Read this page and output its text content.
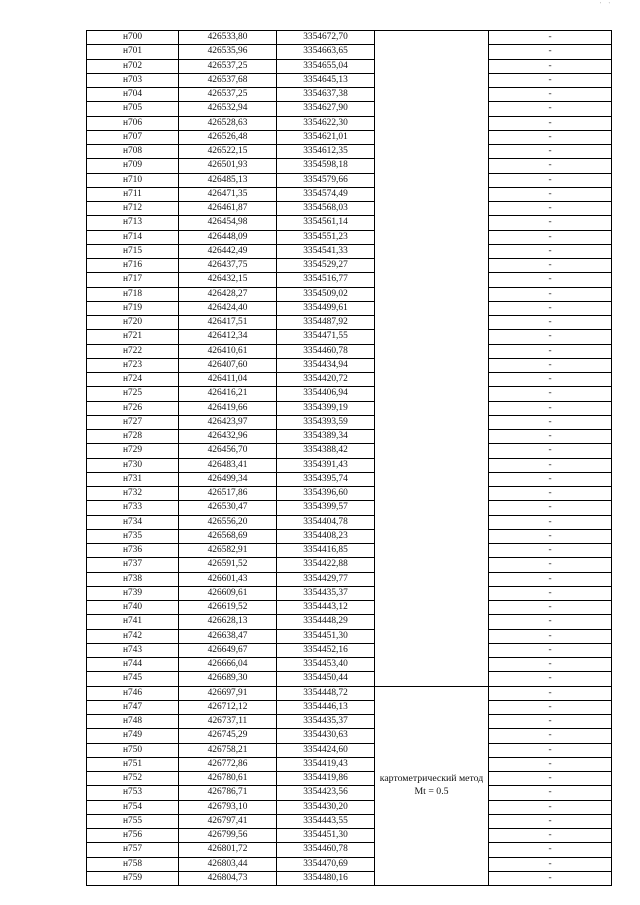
' '
н700	426533,80	3354672,70		-
н701	426535,96	3354663,65		-
н702	426537,25	3354655,04		-
н703	426537,68	3354645,13		-
н704	426537,25	3354637,38		-
н705	426532,94	3354627,90		-
н706	426528,63	3354622,30		-
н707	426526,48	3354621,01		-
н708	426522,15	3354612,35		-
н709	426501,93	3354598,18		-
н710	426485,13	3354579,66		-
н711	426471,35	3354574,49		-
н712	426461,87	3354568,03		-
н713	426454,98	3354561,14		-
н714	426448,09	3354551,23		-
н715	426442,49	3354541,33		-
н716	426437,75	3354529,27		-
н717	426432,15	3354516,77		-
н718	426428,27	3354509,02		-
н719	426424,40	3354499,61		-
н720	426417,51	3354487,92		-
н721	426412,34	3354471,55		-
н722	426410,61	3354460,78		-
н723	426407,60	3354434,94		-
н724	426411,04	3354420,72		-
н725	426416,21	3354406,94		-
н726	426419,66	3354399,19		-
н727	426423,97	3354393,59		-
н728	426432,96	3354389,34		-
н729	426456,70	3354388,42		-
н730	426483,41	3354391,43		-
н731	426499,34	3354395,74		-
н732	426517,86	3354396,60		-
н733	426530,47	3354399,57		-
н734	426556,20	3354404,78		-
н735	426568,69	3354408,23		-
н736	426582,91	3354416,85		-
н737	426591,52	3354422,88		-
н738	426601,43	3354429,77		-
н739	426609,61	3354435,37		-
н740	426619,52	3354443,12		-
н741	426628,13	3354448,29		-
н742	426638,47	3354451,30		-
н743	426649,67	3354452,16		-
н744	426666,04	3354453,40		-
н745	426689,30	3354450,44		-
н746	426697,91	3354448,72	картометрический метод Mt = 0.5	-
н747	426712,12	3354446,13		-
н748	426737,11	3354435,37		-
н749	426745,29	3354430,63		-
н750	426758,21	3354424,60		-
н751	426772,86	3354419,43		-
н752	426780,61	3354419,86		-
н753	426786,71	3354423,56		-
н754	426793,10	3354430,20		-
н755	426797,41	3354443,55		-
н756	426799,56	3354451,30		-
н757	426801,72	3354460,78		-
н758	426803,44	3354470,69		-
н759	426804,73	3354480,16		-
